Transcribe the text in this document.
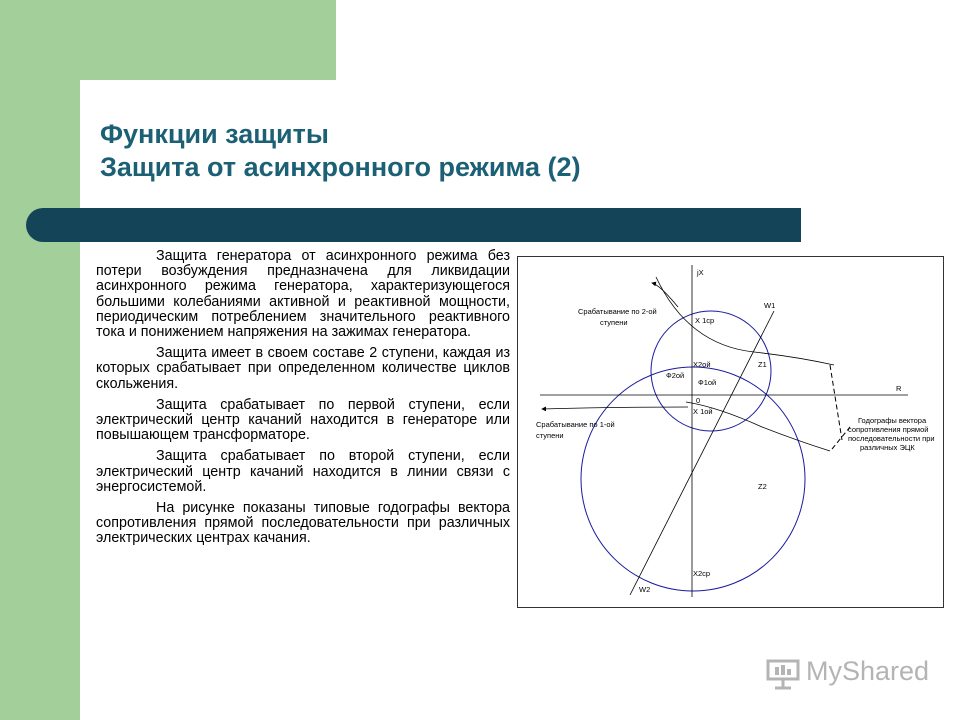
Функции защиты
Защита от асинхронного режима (2)

Защита генератора от асинхронного режима без потери возбуждения предназначена для ликвидации асинхронного режима генератора, характеризующегося большими колебаниями активной и реактивной мощности, периодическим потреблением значительного реактивного тока и понижением напряжения на зажимах генератора.

Защита имеет в своем составе 2 ступени, каждая из которых срабатывает при определенном количестве циклов скольжения.

Защита срабатывает по первой ступени, если электрический центр качаний находится в генераторе или повышающем трансформаторе.

Защита срабатывает по второй ступени, если электрический центр качаний находится в линии связи с энергосистемой.

На рисунке показаны типовые годографы вектора сопротивления прямой последовательности при различных электрических центрах качания.

jX
R
0
W1
W2
Z1
Z2
X 1ср
X2ой
X 1ой
X2ср
Ф2ой
Ф1ой
Срабатывание по 2-ой
ступени
Срабатывание по 1-ой
ступени
Годографы вектора
сопротивления прямой
последовательности при
различных ЭЦК
MyShared
